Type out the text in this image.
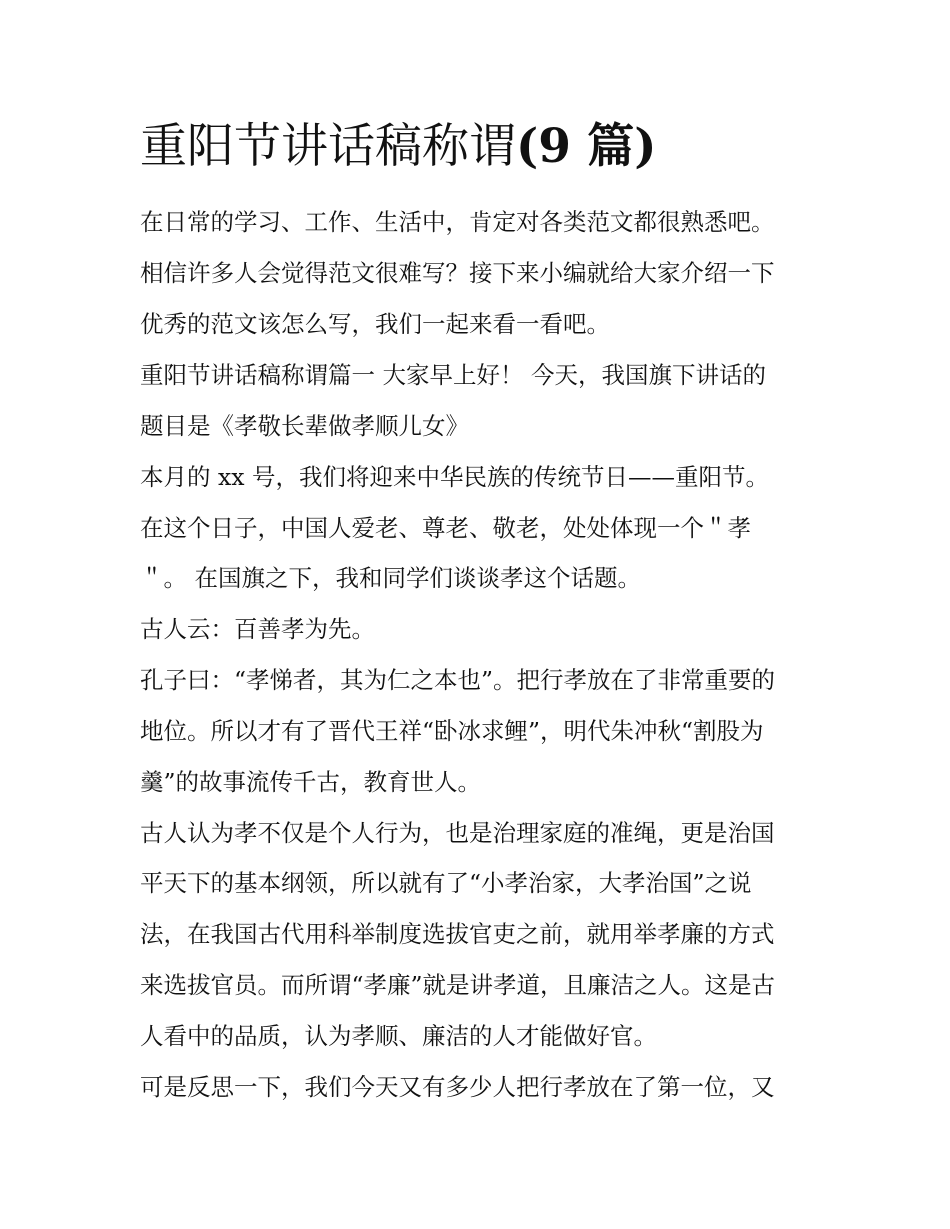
重阳节讲话稿称谓(9 篇)

在日常的学习、工作、生活中，肯定对各类范文都很熟悉吧。

相信许多人会觉得范文很难写？接下来小编就给大家介绍一下

优秀的范文该怎么写，我们一起来看一看吧。

重阳节讲话稿称谓篇一 大家早上好！ 今天，我国旗下讲话的

题目是《孝敬长辈做孝顺儿女》

本月的 xx 号，我们将迎来中华民族的传统节日——重阳节。

在这个日子，中国人爱老、尊老、敬老，处处体现一个＂孝

＂。 在国旗之下，我和同学们谈谈孝这个话题。

古人云：百善孝为先。

孔子曰：“孝悌者，其为仁之本也”。把行孝放在了非常重要的

地位。所以才有了晋代王祥“卧冰求鲤”，明代朱冲秋“割股为

羹”的故事流传千古，教育世人。

古人认为孝不仅是个人行为，也是治理家庭的准绳，更是治国

平天下的基本纲领，所以就有了“小孝治家，大孝治国”之说

法，在我国古代用科举制度选拔官吏之前，就用举孝廉的方式

来选拔官员。而所谓“孝廉”就是讲孝道，且廉洁之人。这是古

人看中的品质，认为孝顺、廉洁的人才能做好官。

可是反思一下，我们今天又有多少人把行孝放在了第一位，又
